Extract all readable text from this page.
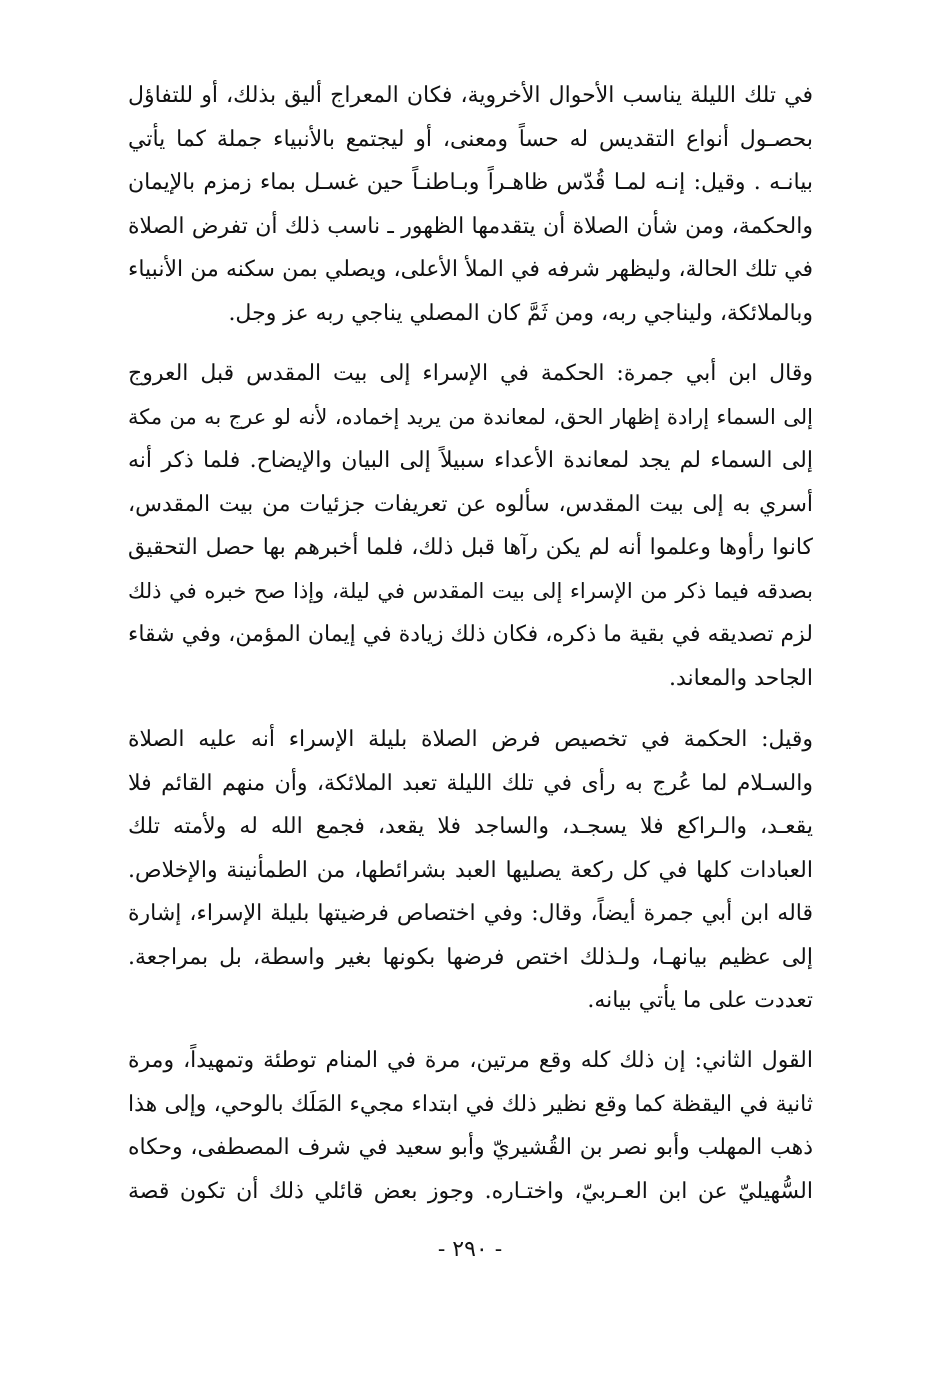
في تلك الليلة يناسب الأحوال الأخروية، فكان المعراج أليق بذلك، أو للتفاؤل
بحصـول أنواع التقديس له حساً ومعنى، أو ليجتمع بالأنبياء جملة كما يأتي
بيانـه . وقيل: إنـه لمـا قُدّس ظاهـراً وبـاطنـاً حين غسـل بماء زمزم بالإيمان
والحكمة، ومن شأن الصلاة أن يتقدمها الظهور ـ ناسب ذلك أن تفرض الصلاة
في تلك الحالة، وليظهر شرفه في الملأ الأعلى، ويصلي بمن سكنه من الأنبياء
وبالملائكة، وليناجي ربه، ومن ثَمَّ كان المصلي يناجي ربه عز وجل.
وقال ابن أبي جمرة: الحكمة في الإسراء إلى بيت المقدس قبل العروج
إلى السماء إرادة إظهار الحق، لمعاندة من يريد إخماده، لأنه لو عرج به من مكة
إلى السماء لم يجد لمعاندة الأعداء سبيلاً إلى البيان والإيضاح. فلما ذكر أنه
أسري به إلى بيت المقدس، سألوه عن تعريفات جزئيات من بيت المقدس،
كانوا رأوها وعلموا أنه لم يكن رآها قبل ذلك، فلما أخبرهم بها حصل التحقيق
بصدقه فيما ذكر من الإسراء إلى بيت المقدس في ليلة، وإذا صح خبره في ذلك
لزم تصديقه في بقية ما ذكره، فكان ذلك زيادة في إيمان المؤمن، وفي شقاء
الجاحد والمعاند.
وقيل: الحكمة في تخصيص فرض الصلاة بليلة الإسراء أنه عليه الصلاة
والسـلام لما عُرج به رأى في تلك الليلة تعبد الملائكة، وأن منهم القائم فلا
يقعـد، والـراكع فلا يسجـد، والساجد فلا يقعد، فجمع الله له ولأمته تلك
العبادات كلها في كل ركعة يصليها العبد بشرائطها، من الطمأنينة والإخلاص.
قاله ابن أبي جمرة أيضاً، وقال: وفي اختصاص فرضيتها بليلة الإسراء، إشارة
إلى عظيم بيانهـا، ولـذلك اختص فرضها بكونها بغير واسطة، بل بمراجعة.
تعددت على ما يأتي بيانه.
القول الثاني: إن ذلك كله وقع مرتين، مرة في المنام توطئة وتمهيداً، ومرة
ثانية في اليقظة كما وقع نظير ذلك في ابتداء مجيء المَلَك بالوحي، وإلى هذا
ذهب المهلب وأبو نصر بن القُشيريّ وأبو سعيد في شرف المصطفى، وحكاه
السُّهيليّ عن ابن العـربيّ، واختـاره. وجوز بعض قائلي ذلك أن تكون قصة
- ٢٩٠ -
